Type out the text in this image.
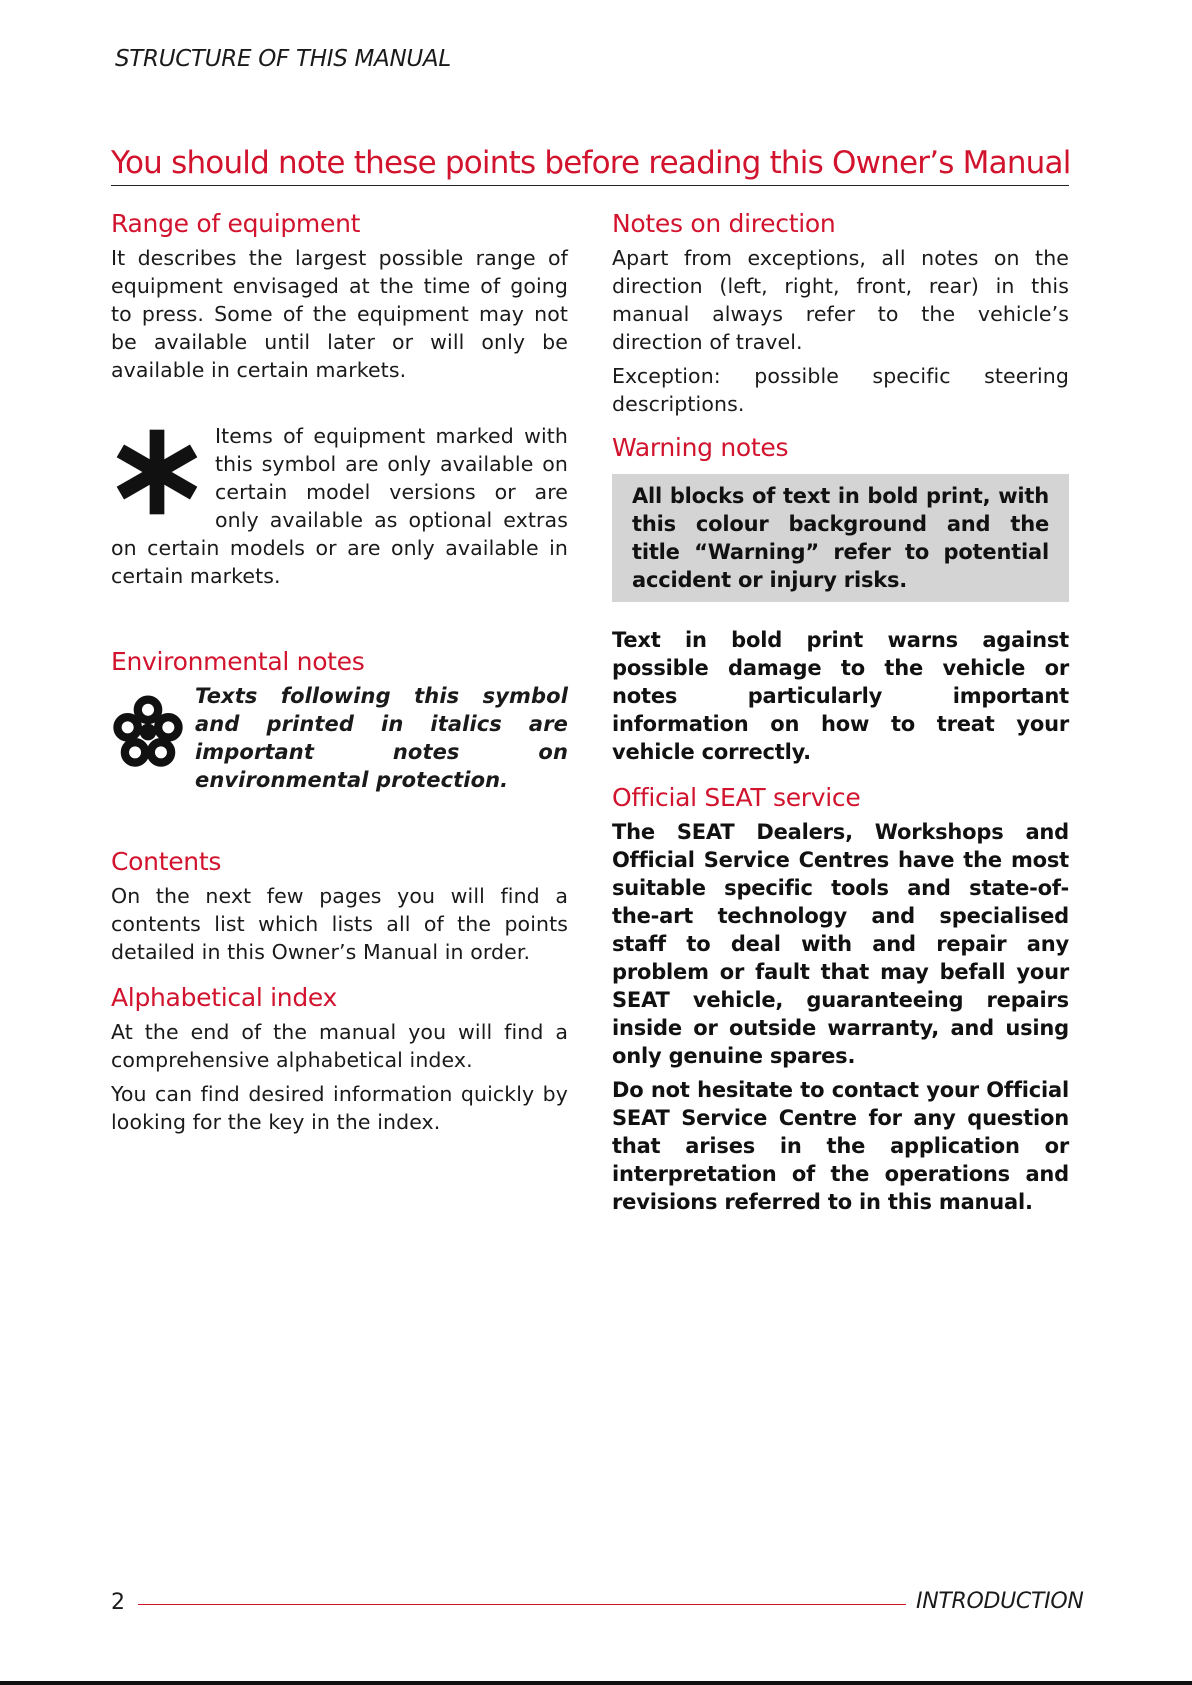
STRUCTURE OF THIS MANUAL
You should note these points before reading this Owner’s Manual
Range of equipment

It describes the largest possible range of equipment envisaged at the time of going to press. Some of the equipment may not be available until later or will only be available in certain markets.

Items of equipment marked with this symbol are only available on certain model versions or are only available as optional extras on certain models or are only available in certain markets.

Environmental notes

Texts following this symbol and printed in italics are important notes on environmental protection.

Contents

On the next few pages you will find a contents list which lists all of the points detailed in this Owner’s Manual in order.

Alphabetical index

At the end of the manual you will find a comprehensive alphabetical index.

You can find desired information quickly by looking for the key in the index.

Notes on direction

Apart from exceptions, all notes on the direction (left, right, front, rear) in this manual always refer to the vehicle’s direction of travel.

Exception: possible specific steering descriptions.

Warning notes

All blocks of text in bold print, with this colour background and the title “Warning” refer to potential accident or injury risks.

Text in bold print warns against possible damage to the vehicle or notes particularly important information on how to treat your vehicle correctly.

Official SEAT service

The SEAT Dealers, Workshops and Official Service Centres have the most suitable specific tools and state-of-the-art technology and specialised staff to deal with and repair any problem or fault that may befall your SEAT vehicle, guaranteeing repairs inside or outside warranty, and using only genuine spares.

Do not hesitate to contact your Official SEAT Service Centre for any question that arises in the application or interpretation of the operations and revisions referred to in this manual.

2	INTRODUCTION
